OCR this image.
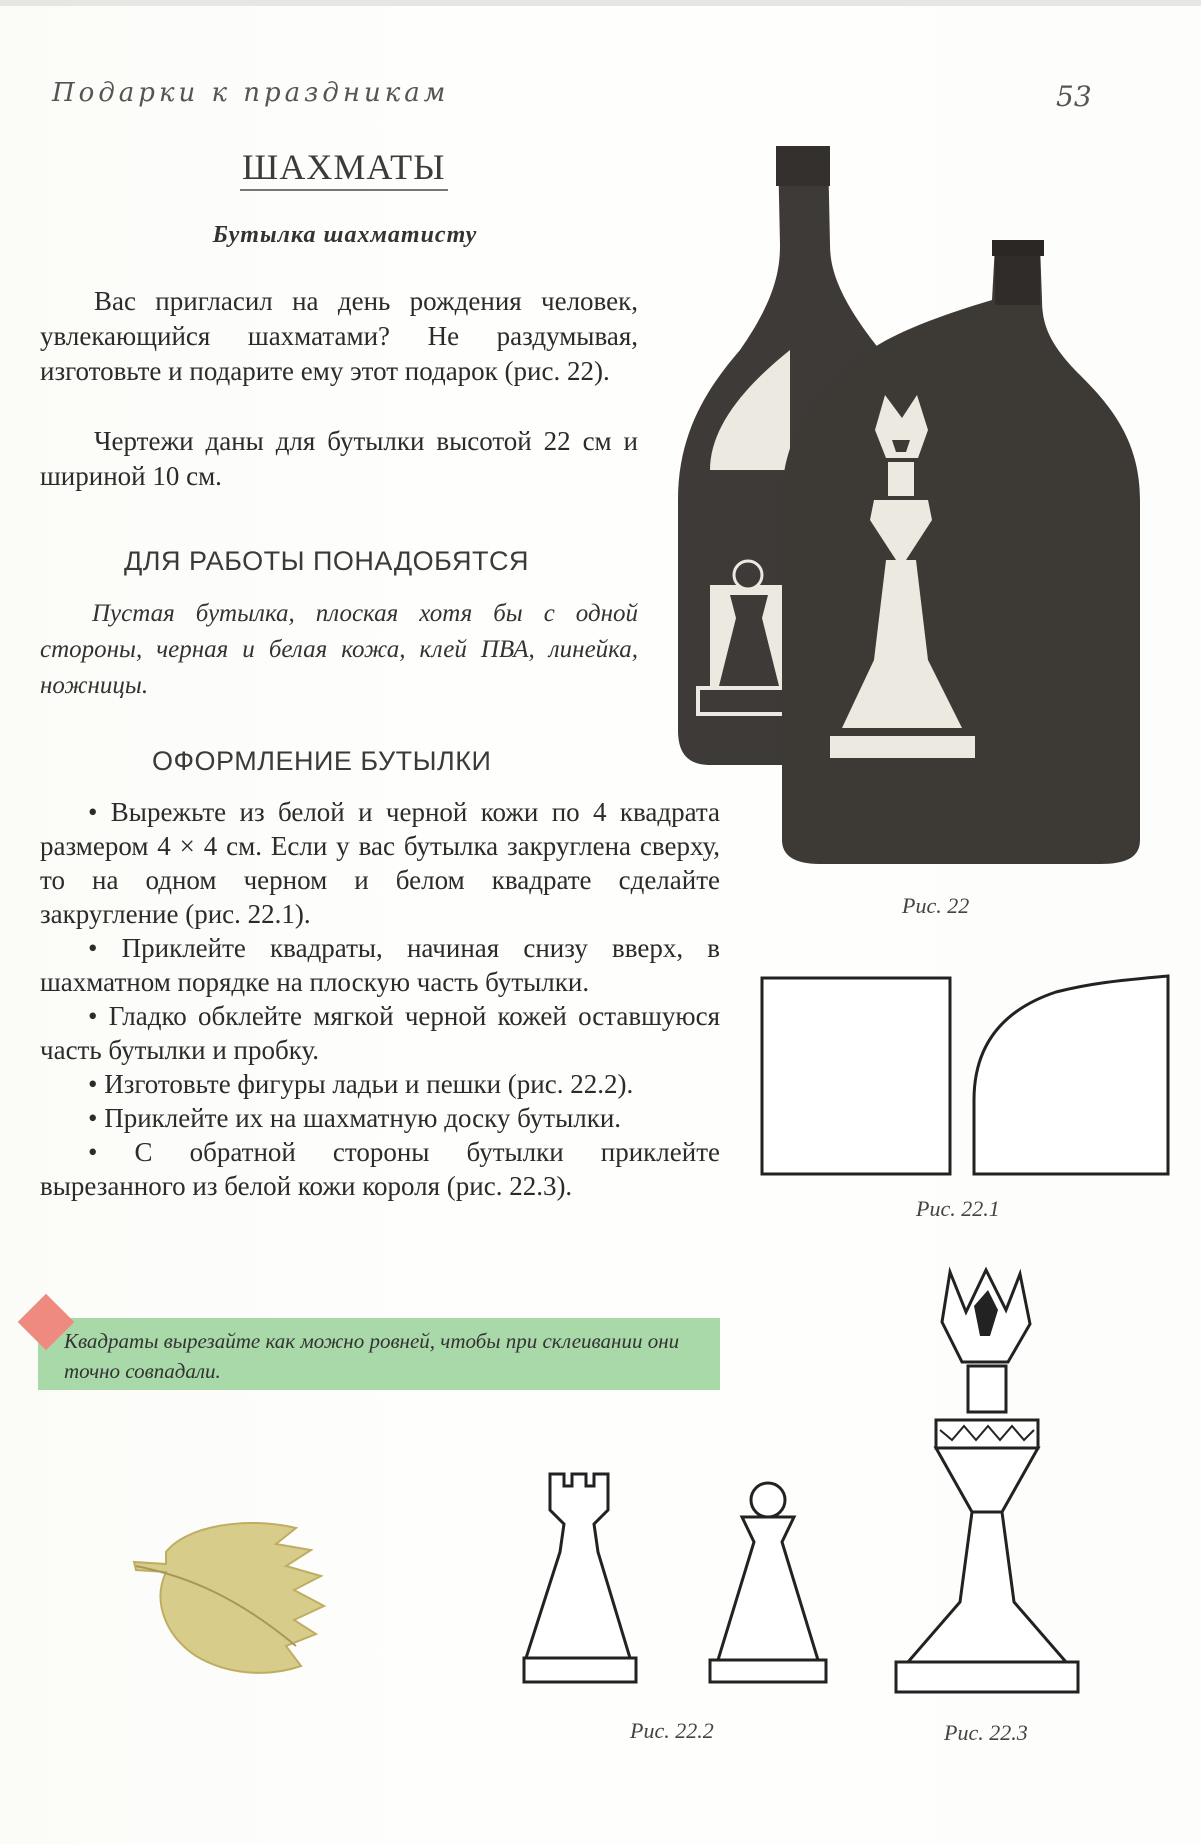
Подарки к праздникам	53
ШАХМАТЫ
Бутылка шахматисту
Вас пригласил на день рождения человек, увлекающийся шахматами? Не раздумывая, изготовьте и подарите ему этот подарок (рис. 22).
Чертежи даны для бутылки высотой 22 см и шириной 10 см.
ДЛЯ РАБОТЫ ПОНАДОБЯТСЯ
Пустая бутылка, плоская хотя бы с одной стороны, черная и белая кожа, клей ПВА, линейка, ножницы.
ОФОРМЛЕНИЕ БУТЫЛКИ
• Вырежьте из белой и черной кожи по 4 квадрата размером 4 × 4 см. Если у вас бутылка закруглена сверху, то на одном черном и белом квадрате сделайте закругление (рис. 22.1).
• Приклейте квадраты, начиная снизу вверх, в шахматном порядке на плоскую часть бутылки.
• Гладко обклейте мягкой черной кожей оставшуюся часть бутылки и пробку.
• Изготовьте фигуры ладьи и пешки (рис. 22.2).
• Приклейте их на шахматную доску бутылки.
• С обратной стороны бутылки приклейте вырезанного из белой кожи короля (рис. 22.3).
Квадраты вырезайте как можно ровней, чтобы при склеивании они точно совпадали.
Рис. 22
Рис. 22.1
Рис. 22.2	Рис. 22.3
